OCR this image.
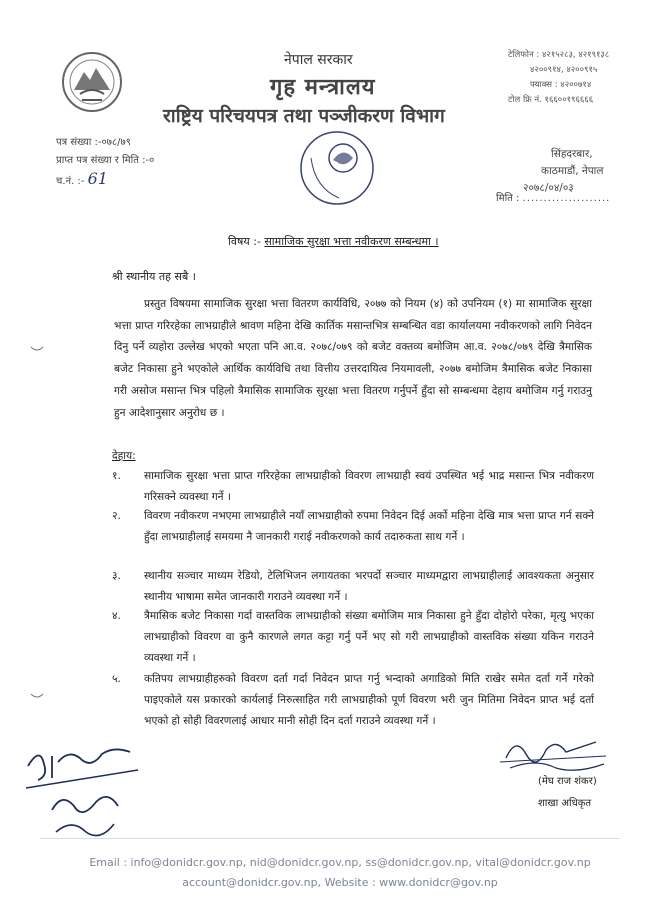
नेपाल सरकार
गृह मन्त्रालय
राष्ट्रिय परिचयपत्र तथा पञ्जीकरण विभाग
टेलिफोन : ४२१५२८३, ४२१९१३८
४२००९१४, ४२००९१५
फ्याक्स : ४२००७१४
टोल फ्रि नं. १६६००१९६६६६
पत्र संख्या :-०७८/७९
प्राप्त पत्र संख्या र मिति :-०
च.नं. :- 61
सिंहदरबार,
काठमाडौं, नेपाल
२०७८/०४/०३
मिति : .....................
विषय :- सामाजिक सुरक्षा भत्ता नवीकरण सम्बन्धमा ।
श्री स्थानीय तह सबै ।
प्रस्तुत विषयमा सामाजिक सुरक्षा भत्ता वितरण कार्यविधि, २०७७ को नियम (४) को उपनियम (१) मा सामाजिक सुरक्षा भत्ता प्राप्त गरिरहेका लाभग्राहीले श्रावण महिना देखि कार्तिक मसान्तभित्र सम्बन्धित वडा कार्यालयमा नवीकरणको लागि निवेदन दिनु पर्ने व्यहोरा उल्लेख भएको भएता पनि आ.व. २०७८/०७९ को बजेट वक्तव्य बमोजिम आ.व. २०७८/०७९ देखि त्रैमासिक बजेट निकासा हुने भएकोले आर्थिक कार्यविधि तथा वित्तीय उत्तरदायित्व नियमावली, २०७७ बमोजिम त्रैमासिक बजेट निकासा गरी असोज मसान्त भित्र पहिलो त्रैमासिक सामाजिक सुरक्षा भत्ता वितरण गर्नुपर्ने हुँदा सो सम्बन्धमा देहाय बमोजिम गर्नु गराउनु हुन आदेशानुसार अनुरोध छ ।
देहाय:
१.	सामाजिक सुरक्षा भत्ता प्राप्त गरिरहेका लाभग्राहीको विवरण लाभग्राही स्वयं उपस्थित भई भाद्र मसान्त भित्र नवीकरण गरिसक्ने व्यवस्था गर्ने ।
२.	विवरण नवीकरण नभएमा लाभग्राहीले नयाँ लाभग्राहीको रुपमा निवेदन दिई अर्को महिना देखि मात्र भत्ता प्राप्त गर्न सक्ने हुँदा लाभग्राहीलाई समयमा नै जानकारी गराई नवीकरणको कार्य तदारुकता साथ गर्ने ।
३.	स्थानीय सञ्चार माध्यम रेडियो, टेलिभिजन लगायतका भरपर्दो सञ्चार माध्यमद्वारा लाभग्राहीलाई आवश्यकता अनुसार स्थानीय भाषामा समेत जानकारी गराउने व्यवस्था गर्ने ।
४.	त्रैमासिक बजेट निकासा गर्दा वास्तविक लाभग्राहीको संख्या बमोजिम मात्र निकासा हुने हुँदा दोहोरो परेका, मृत्यु भएका लाभग्राहीको विवरण वा कुनै कारणले लगत कट्टा गर्नु पर्ने भए सो गरी लाभग्राहीको वास्तविक संख्या यकिन गराउने व्यवस्था गर्ने ।
५.	कतिपय लाभग्राहीहरुको विवरण दर्ता गर्दा निवेदन प्राप्त गर्नु भन्दाको अगाडिको मिति राखेर समेत दर्ता गर्ने गरेको पाइएकोले यस प्रकारको कार्यलाई निरुत्साहित गरी लाभग्राहीको पूर्ण विवरण भरी जुन मितिमा निवेदन प्राप्त भई दर्ता भएको हो सोही विवरणलाई आधार मानी सोही दिन दर्ता गराउने व्यवस्था गर्ने ।
(मेघ राज शंकर)
शाखा अधिकृत
Email : info@donidcr.gov.np, nid@donidcr.gov.np, ss@donidcr.gov.np, vital@donidcr.gov.np
account@donidcr.gov.np, Website : www.donidcr@gov.np
